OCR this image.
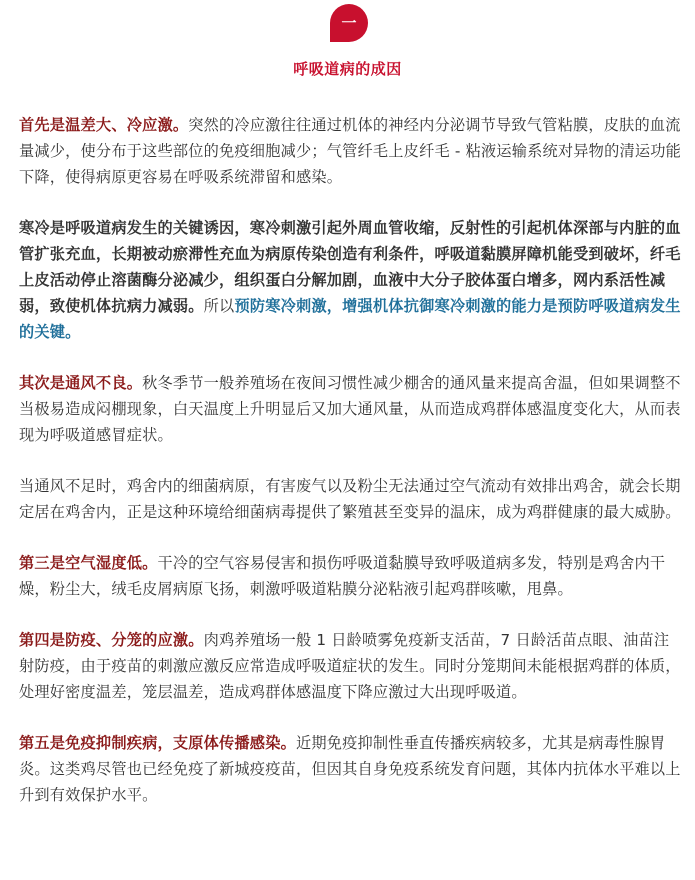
一
呼吸道病的成因

首先是温差大、冷应激。突然的冷应激往往通过机体的神经内分泌调节导致气管粘膜，皮肤的血流量减少，使分布于这些部位的免疫细胞减少；气管纤毛上皮纤毛 - 粘液运输系统对异物的清运功能下降，使得病原更容易在呼吸系统滞留和感染。

寒冷是呼吸道病发生的关键诱因，寒冷刺激引起外周血管收缩，反射性的引起机体深部与内脏的血管扩张充血，长期被动瘀滞性充血为病原传染创造有利条件，呼吸道黏膜屏障机能受到破坏，纤毛上皮活动停止溶菌酶分泌减少，组织蛋白分解加剧，血液中大分子胶体蛋白增多，网内系活性减弱，致使机体抗病力减弱。所以预防寒冷刺激，增强机体抗御寒冷刺激的能力是预防呼吸道病发生的关键。

其次是通风不良。秋冬季节一般养殖场在夜间习惯性减少棚舍的通风量来提高舍温，但如果调整不当极易造成闷棚现象，白天温度上升明显后又加大通风量，从而造成鸡群体感温度变化大，从而表现为呼吸道感冒症状。

当通风不足时，鸡舍内的细菌病原，有害废气以及粉尘无法通过空气流动有效排出鸡舍，就会长期定居在鸡舍内，正是这种环境给细菌病毒提供了繁殖甚至变异的温床，成为鸡群健康的最大威胁。

第三是空气湿度低。干冷的空气容易侵害和损伤呼吸道黏膜导致呼吸道病多发，特别是鸡舍内干燥，粉尘大，绒毛皮屑病原飞扬，刺激呼吸道粘膜分泌粘液引起鸡群咳嗽，甩鼻。

第四是防疫、分笼的应激。肉鸡养殖场一般 1 日龄喷雾免疫新支活苗，7 日龄活苗点眼、油苗注射防疫，由于疫苗的刺激应激反应常造成呼吸道症状的发生。同时分笼期间未能根据鸡群的体质，处理好密度温差，笼层温差，造成鸡群体感温度下降应激过大出现呼吸道。

第五是免疫抑制疾病，支原体传播感染。近期免疫抑制性垂直传播疾病较多，尤其是病毒性腺胃炎。这类鸡尽管也已经免疫了新城疫疫苗，但因其自身免疫系统发育问题，其体内抗体水平难以上升到有效保护水平。
